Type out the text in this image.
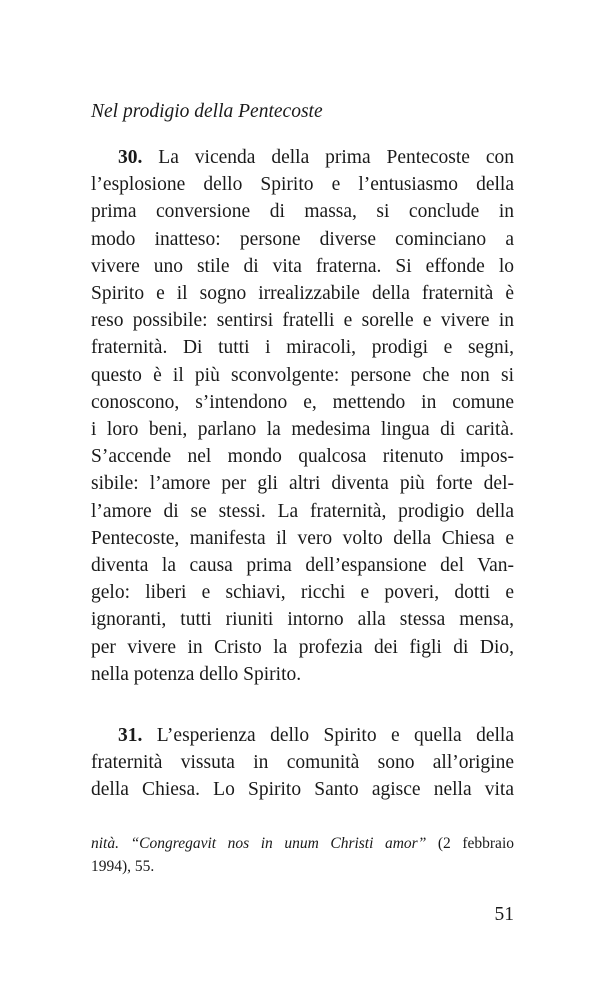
Nel prodigio della Pentecoste

30. La vicenda della prima Pentecoste con
l’esplosione dello Spirito e l’entusiasmo della
prima conversione di massa, si conclude in
modo inatteso: persone diverse cominciano a
vivere uno stile di vita fraterna. Si effonde lo
Spirito e il sogno irrealizzabile della fraternità è
reso possibile: sentirsi fratelli e sorelle e vivere in
fraternità. Di tutti i miracoli, prodigi e segni,
questo è il più sconvolgente: persone che non si
conoscono, s’intendono e, mettendo in comune
i loro beni, parlano la medesima lingua di carità.
S’accende nel mondo qualcosa ritenuto impos-
sibile: l’amore per gli altri diventa più forte del-
l’amore di se stessi. La fraternità, prodigio della
Pentecoste, manifesta il vero volto della Chiesa e
diventa la causa prima dell’espansione del Van-
gelo: liberi e schiavi, ricchi e poveri, dotti e
ignoranti, tutti riuniti intorno alla stessa mensa,
per vivere in Cristo la profezia dei figli di Dio,
nella potenza dello Spirito.

31. L’esperienza dello Spirito e quella della
fraternità vissuta in comunità sono all’origine
della Chiesa. Lo Spirito Santo agisce nella vita

nità. “Congregavit nos in unum Christi amor” (2 febbraio
1994), 55.

51
